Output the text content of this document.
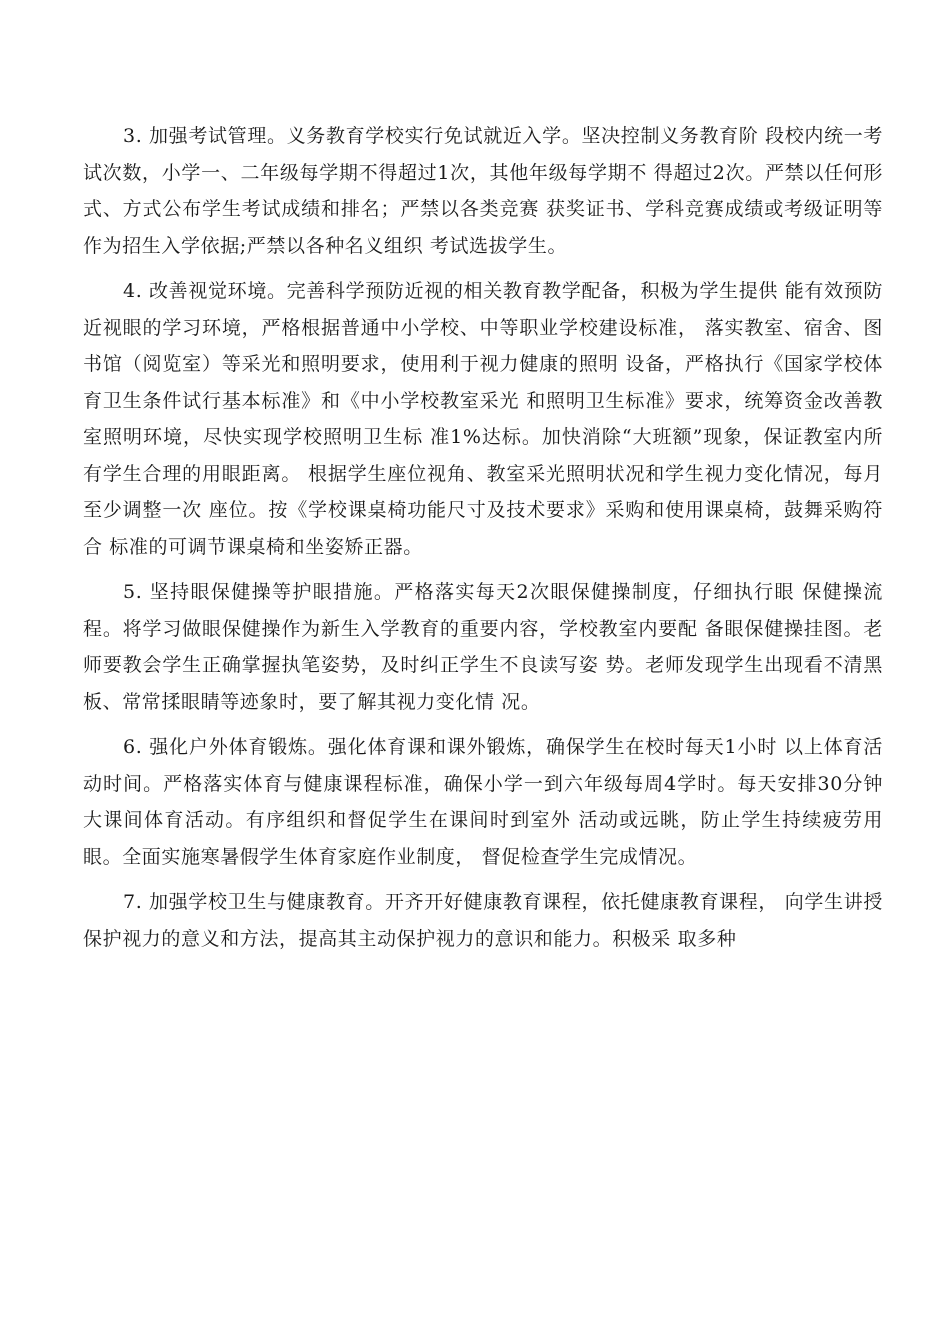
3. 加强考试管理。义务教育学校实行免试就近入学。坚决控制义务教育阶 段校内统一考试次数，小学一、二年级每学期不得超过1次，其他年级每学期不 得超过2次。严禁以任何形式、方式公布学生考试成绩和排名；严禁以各类竞赛 获奖证书、学科竞赛成绩或考级证明等作为招生入学依据;严禁以各种名义组织 考试选拔学生。

4. 改善视觉环境。完善科学预防近视的相关教育教学配备，积极为学生提供 能有效预防近视眼的学习环境，严格根据普通中小学校、中等职业学校建设标准， 落实教室、宿舍、图书馆（阅览室）等采光和照明要求，使用利于视力健康的照明 设备，严格执行《国家学校体育卫生条件试行基本标准》和《中小学校教室采光 和照明卫生标准》要求，统筹资金改善教室照明环境，尽快实现学校照明卫生标 准1%达标。加快消除“大班额”现象，保证教室内所有学生合理的用眼距离。 根据学生座位视角、教室采光照明状况和学生视力变化情况，每月至少调整一次 座位。按《学校课桌椅功能尺寸及技术要求》采购和使用课桌椅，鼓舞采购符合 标准的可调节课桌椅和坐姿矫正器。

5. 坚持眼保健操等护眼措施。严格落实每天2次眼保健操制度，仔细执行眼 保健操流程。将学习做眼保健操作为新生入学教育的重要内容，学校教室内要配 备眼保健操挂图。老师要教会学生正确掌握执笔姿势，及时纠正学生不良读写姿 势。老师发现学生出现看不清黑板、常常揉眼睛等迹象时，要了解其视力变化情 况。

6. 强化户外体育锻炼。强化体育课和课外锻炼，确保学生在校时每天1小时 以上体育活动时间。严格落实体育与健康课程标准，确保小学一到六年级每周4学时。每天安排30分钟大课间体育活动。有序组织和督促学生在课间时到室外 活动或远眺，防止学生持续疲劳用眼。全面实施寒暑假学生体育家庭作业制度， 督促检查学生完成情况。

7. 加强学校卫生与健康教育。开齐开好健康教育课程，依托健康教育课程， 向学生讲授保护视力的意义和方法，提高其主动保护视力的意识和能力。积极采 取多种
